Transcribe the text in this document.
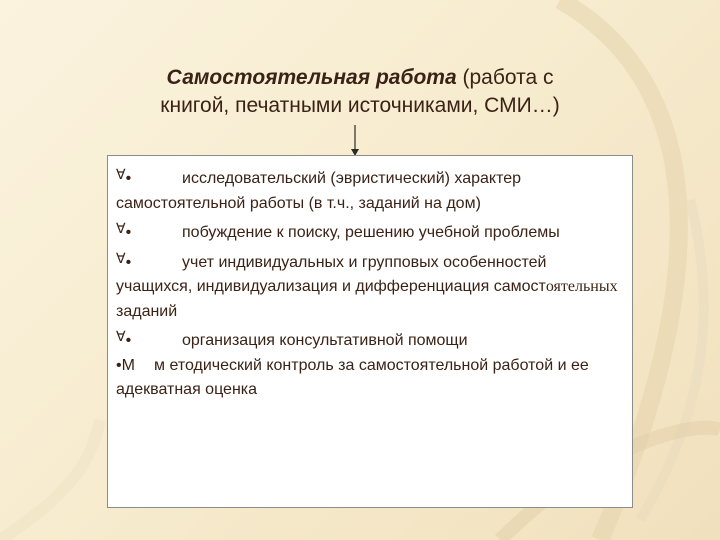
Самостоятельная работа (работа с
книгой, печатными источниками, СМИ…)
∀•	исследовательский (эвристический) характер самостоятельной работы (в т.ч., заданий на дом)
∀•	побуждение к поиску, решению учебной проблемы
∀•	учет индивидуальных и групповых особенностей учащихся, индивидуализация и дифференциация самостоятельных заданий
∀•	организация консультативной помощи
•М м етодический контроль за самостоятельной работой и ее адекватная оценка
